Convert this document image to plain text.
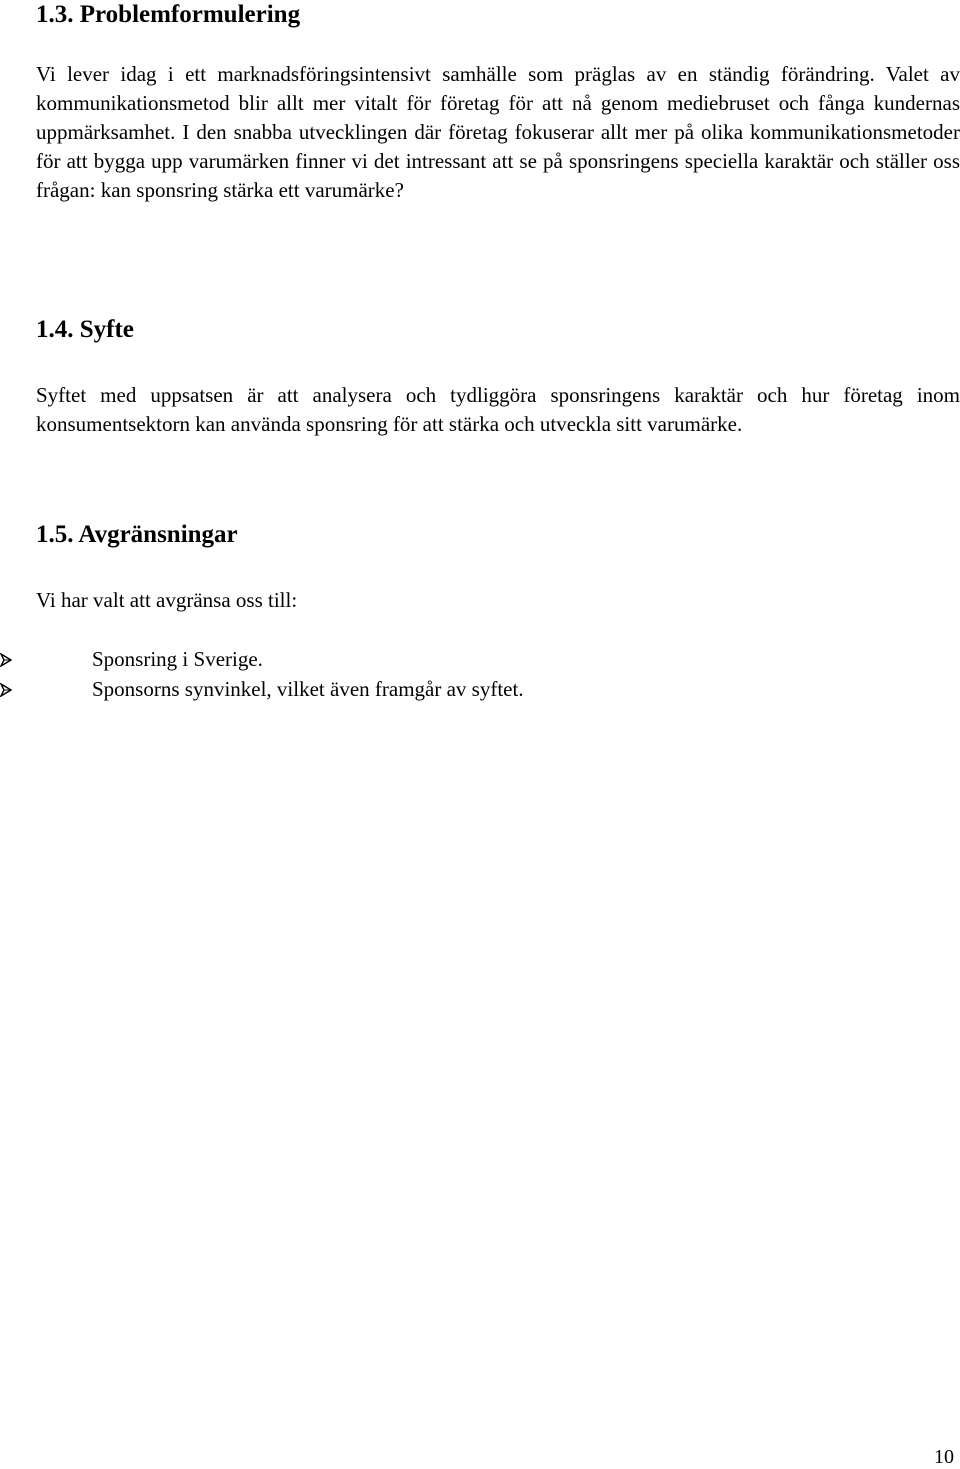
1.3. Problemformulering

Vi lever idag i ett marknadsföringsintensivt samhälle som präglas av en ständig förändring. Valet av kommunikationsmetod blir allt mer vitalt för företag för att nå genom mediebruset och fånga kundernas uppmärksamhet. I den snabba utvecklingen där företag fokuserar allt mer på olika kommunikationsmetoder för att bygga upp varumärken finner vi det intressant att se på sponsringens speciella karaktär och ställer oss frågan: kan sponsring stärka ett varumärke?

1.4. Syfte

Syftet med uppsatsen är att analysera och tydliggöra sponsringens karaktär och hur företag inom konsumentsektorn kan använda sponsring för att stärka och utveckla sitt varumärke.

1.5. Avgränsningar

Vi har valt att avgränsa oss till:

Sponsring i Sverige.
Sponsorns synvinkel, vilket även framgår av syftet.
10
